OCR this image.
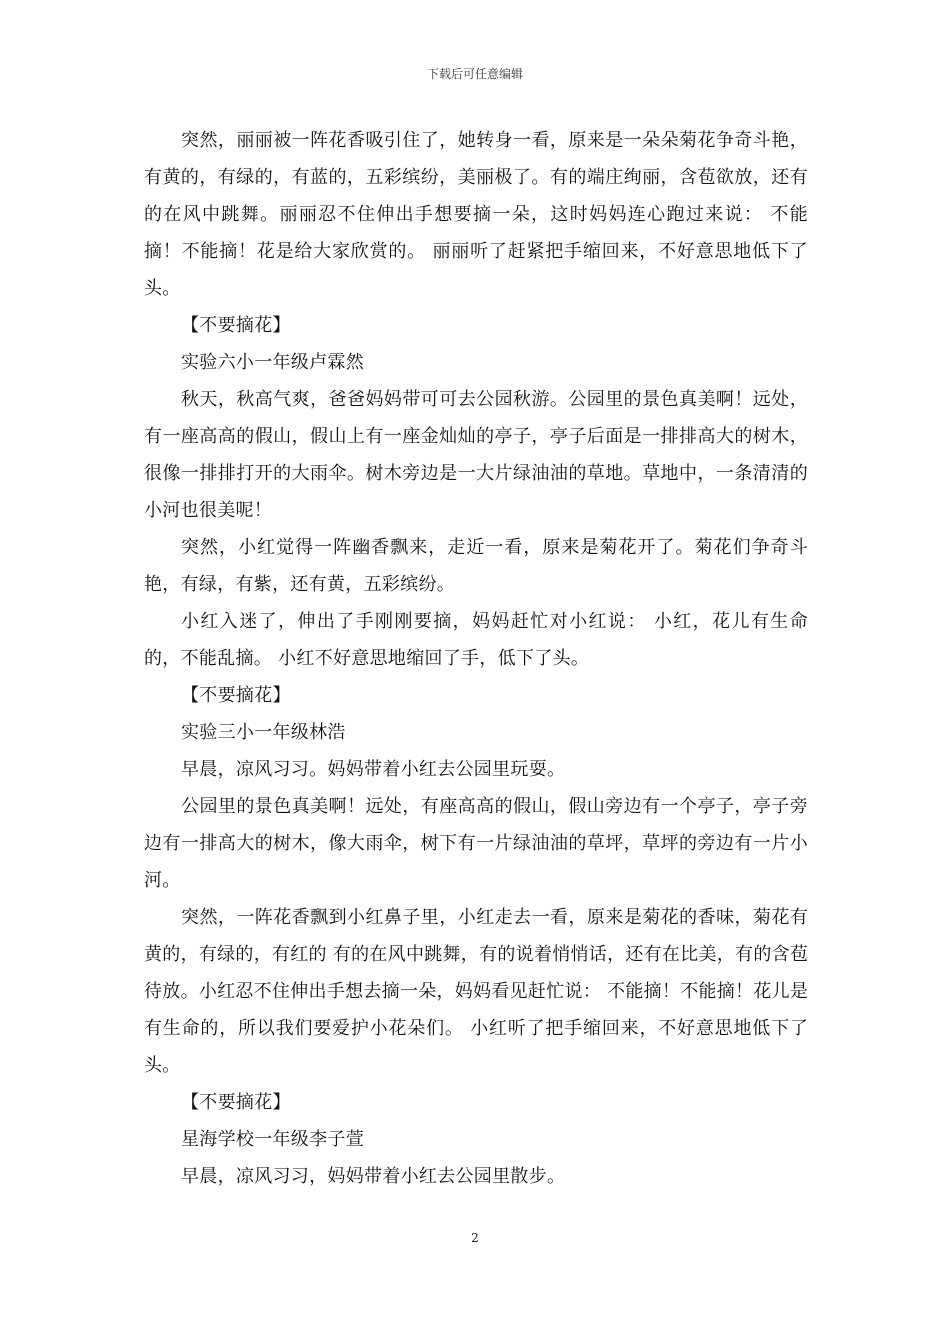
下载后可任意编辑

突然，丽丽被一阵花香吸引住了，她转身一看，原来是一朵朵菊花争奇斗艳，有黄的，有绿的，有蓝的，五彩缤纷，美丽极了。有的端庄绚丽，含苞欲放，还有的在风中跳舞。丽丽忍不住伸出手想要摘一朵，这时妈妈连心跑过来说： 不能摘！不能摘！花是给大家欣赏的。 丽丽听了赶紧把手缩回来，不好意思地低下了头。

【不要摘花】

实验六小一年级卢霖然

秋天，秋高气爽，爸爸妈妈带可可去公园秋游。公园里的景色真美啊！远处，有一座高高的假山，假山上有一座金灿灿的亭子，亭子后面是一排排高大的树木，很像一排排打开的大雨伞。树木旁边是一大片绿油油的草地。草地中，一条清清的小河也很美呢！

突然，小红觉得一阵幽香飘来，走近一看，原来是菊花开了。菊花们争奇斗艳，有绿，有紫，还有黄，五彩缤纷。

小红入迷了，伸出了手刚刚要摘，妈妈赶忙对小红说： 小红，花儿有生命的，不能乱摘。 小红不好意思地缩回了手，低下了头。

【不要摘花】

实验三小一年级林浩

早晨，凉风习习。妈妈带着小红去公园里玩耍。

公园里的景色真美啊！远处，有座高高的假山，假山旁边有一个亭子，亭子旁边有一排高大的树木，像大雨伞，树下有一片绿油油的草坪，草坪的旁边有一片小河。

突然，一阵花香飘到小红鼻子里，小红走去一看，原来是菊花的香味，菊花有黄的，有绿的，有红的 有的在风中跳舞，有的说着悄悄话，还有在比美，有的含苞待放。小红忍不住伸出手想去摘一朵，妈妈看见赶忙说： 不能摘！不能摘！花儿是有生命的，所以我们要爱护小花朵们。 小红听了把手缩回来，不好意思地低下了头。

【不要摘花】

星海学校一年级李子萱

早晨，凉风习习，妈妈带着小红去公园里散步。

2
